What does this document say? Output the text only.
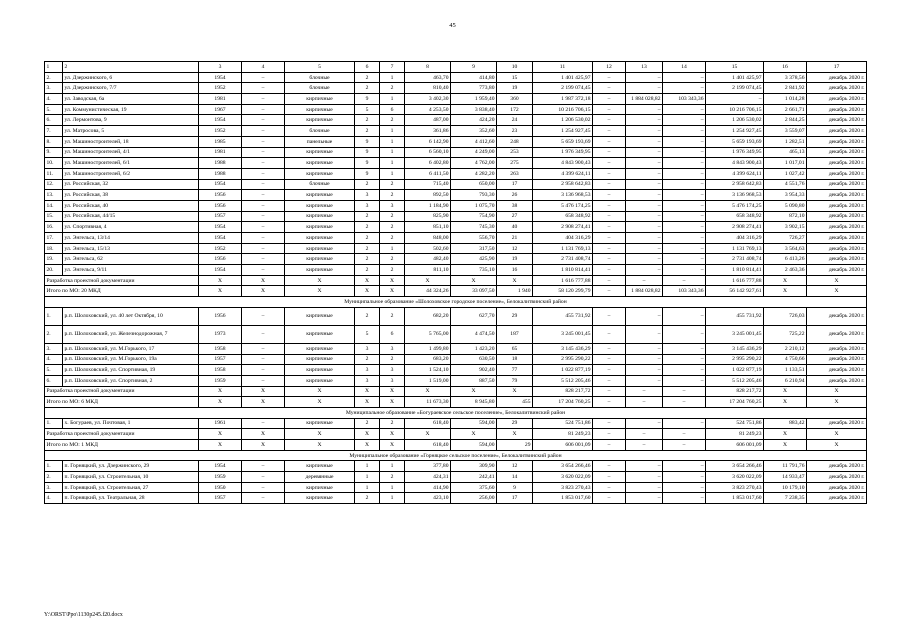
45
1	2	3	4	5	6	7	8	9	10	11	12	13	14	15	16	17
2.	ул. Дзержинского, 6	1954	–	блочные	2	1	463,70	414,80	15	1 401 425,97	–	–	–	1 401 425,97	3 378,56	декабрь 2020 г.
3.	ул. Дзержинского, 7/7	1952	–	блочные	2	2	810,40	773,80	19	2 199 074,45	–	–	–	2 199 074,45	2 841,92	декабрь 2020 г.
4.	ул. Заводская, 6а	1981	–	кирпичные	9	1	3 402,30	1 959,40	360	1 987 372,18	–	1 884 028,82	103 343,36	–	1 014,28	декабрь 2020 г.
5.	ул. Коммунистическая, 19	1967	–	кирпичные	5	6	4 253,50	3 838,40	172	10 216 706,15	–	–	–	10 216 706,15	2 661,71	декабрь 2020 г.
6.	ул. Лермонтова, 9	1954	–	кирпичные	2	2	487,00	424,20	24	1 206 530,02	–	–	–	1 206 530,02	2 844,25	декабрь 2020 г.
7.	ул. Матросова, 5	1952	–	блочные	2	1	361,86	352,60	23	1 254 927,45	–	–	–	1 254 927,45	3 559,07	декабрь 2020 г.
8.	ул. Машиностроителей, 18	1985	–	панельные	9	1	6 142,90	4 412,60	248	5 659 193,69	–	–	–	5 659 193,69	1 282,51	декабрь 2020 г.
9.	ул. Машиностроителей, 4/1	1981	–	кирпичные	9	1	6 560,10	4 249,00	253	1 976 349,95	–	–	–	1 976 349,95	465,13	декабрь 2020 г.
10.	ул. Машиностроителей, 6/1	1988	–	кирпичные	9	1	6 402,80	4 762,00	275	4 843 900,43	–	–	–	4 843 900,43	1 017,01	декабрь 2020 г.
11.	ул. Машиностроителей, 6/2	1988	–	кирпичные	9	1	6 411,50	4 282,20	263	4 399 624,11	–	–	–	4 399 624,11	1 027,42	декабрь 2020 г.
12.	ул. Российская, 32	1954	–	блочные	2	2	715,40	650,00	17	2 958 642,83	–	–	–	2 958 642,83	4 551,76	декабрь 2020 г.
13.	ул. Российская, 38	1956	–	кирпичные	3	2	892,50	793,30	26	3 136 968,53	–	–	–	3 136 968,53	3 954,33	декабрь 2020 г.
14.	ул. Российская, 40	1956	–	кирпичные	3	3	1 184,90	1 075,70	38	5 476 174,25	–	–	–	5 476 174,25	5 090,80	декабрь 2020 г.
15.	ул. Российская, 44/15	1957	–	кирпичные	2	2	825,90	754,90	27	658 348,92	–	–	–	658 348,92	872,10	декабрь 2020 г.
16.	ул. Спортивная, 4	1954	–	кирпичные	2	2	851,10	745,30	40	2 908 274,41	–	–	–	2 908 274,41	3 902,15	декабрь 2020 г.
17.	ул. Энгельса, 13/14	1954	–	кирпичные	2	2	848,00	556,70	21	404 316,29	–	–	–	404 316,29	726,27	декабрь 2020 г.
18.	ул. Энгельса, 15/13	1952	–	кирпичные	2	1	502,60	317,50	12	1 131 769,13	–	–	–	1 131 769,13	3 564,63	декабрь 2020 г.
19.	ул. Энгельса, 62	1956	–	кирпичные	2	2	482,40	425,90	19	2 731 408,74	–	–	–	2 731 408,74	6 413,26	декабрь 2020 г.
20.	ул. Энгельса, 9/11	1954	–	кирпичные	2	2	811,10	735,10	16	1 810 814,41	–	–	–	1 810 814,41	2 463,36	декабрь 2020 г.
Разработка проектной документации		X	X	X	X	X	X	X	X	1 616 777,88	–	–	–	1 616 777,88	X	X
Итого по МО: 20 МКД		X	X	X	X	X	44 324,26	33 097,50	1 940	58 120 299,79	–	1 884 028,82	103 343,36	56 142 927,61	X	X
Муниципальное образование «Шолоховское городское поселение», Белокалитвинский район																
1.	р.п. Шолоховский, ул. 40 лет Октября, 10	1956	–	кирпичные	2	2	682,20	627,70	29	455 731,92	–	–	–	455 731,92	726,03	декабрь 2020 г.
2.	р.п. Шолоховский, ул. Железнодорожная, 7	1973	–	кирпичные	5	6	5 765,00	4 474,50	187	3 245 001,45	–	–	–	3 245 001,45	725,22	декабрь 2020 г.
3.	р.п. Шолоховский, ул. М.Горького, 17	1958	–	кирпичные	3	3	1 499,80	1 423,20	65	3 145 436,29	–	–	–	3 145 436,29	2 210,12	декабрь 2020 г.
4.	р.п. Шолоховский, ул. М.Горького, 19а	1957	–	кирпичные	2	2	683,20	630,50	18	2 995 290,22	–	–	–	2 995 290,22	4 750,66	декабрь 2020 г.
5.	р.п. Шолоховский, ул. Спортивная, 19	1958	–	кирпичные	3	3	1 524,10	902,40	77	1 022 877,19	–	–	–	1 022 877,19	1 133,51	декабрь 2020 г.
6.	р.п. Шолоховский, ул. Спортивная, 2	1959	–	кирпичные	3	3	1 519,00	887,50	79	5 512 205,46	–	–	–	5 512 205,46	6 210,94	декабрь 2020 г.
Разработка проектной документации		X	X	X	X	X	X	X	X	828 217,72	–	–	–	828 217,72	X	X
Итого по МО: 6 МКД		X	X	X	X	X	11 673,30	8 945,80	455	17 204 760,25	–	–	–	17 204 760,25	X	X
Муниципальное образование «Богураевское сельское поселение», Белокалитвинский район																
1.	х. Богураев, ул. Почтовая, 1	1961	–	кирпичные	2	2	618,40	594,00	29	524 751,86	–	–	–	524 751,86	883,42	декабрь 2020 г.
Разработка проектной документации		X	X	X	X	X	X	X	X	81 249,23	–	–	–	81 249,23	X	X
Итого по МО: 1 МКД		X	X	X	X	X	618,40	594,00	29	606 001,09	–	–	–	606 001,09	X	X
Муниципальное образование «Горняцкое сельское поселение», Белокалитвинский район																
1.	п. Горняцкий, ул. Дзержинского, 29	1954	–	кирпичные	1	1	377,80	309,90	12	3 654 266,46	–	–	–	3 654 266,46	11 791,76	декабрь 2020 г.
2.	п. Горняцкий, ул. Строительная, 10	1959	–	деревянные	1	2	424,31	242,41	14	3 620 022,09	–	–	–	3 620 022,09	14 933,47	декабрь 2020 г.
3.	п. Горняцкий, ул. Строительная, 27	1950	–	кирпичные	1	1	414,90	375,60	9	3 823 270,43	–	–	–	3 823 270,43	10 179,10	декабрь 2020 г.
4.	п. Горняцкий, ул. Театральная, 28	1957	–	кирпичные	2	1	423,10	256,00	17	1 853 017,60	–	–	–	1 853 017,60	7 238,35	декабрь 2020 г.
Y:\ORST\Ppo\1130p245.f20.docx
